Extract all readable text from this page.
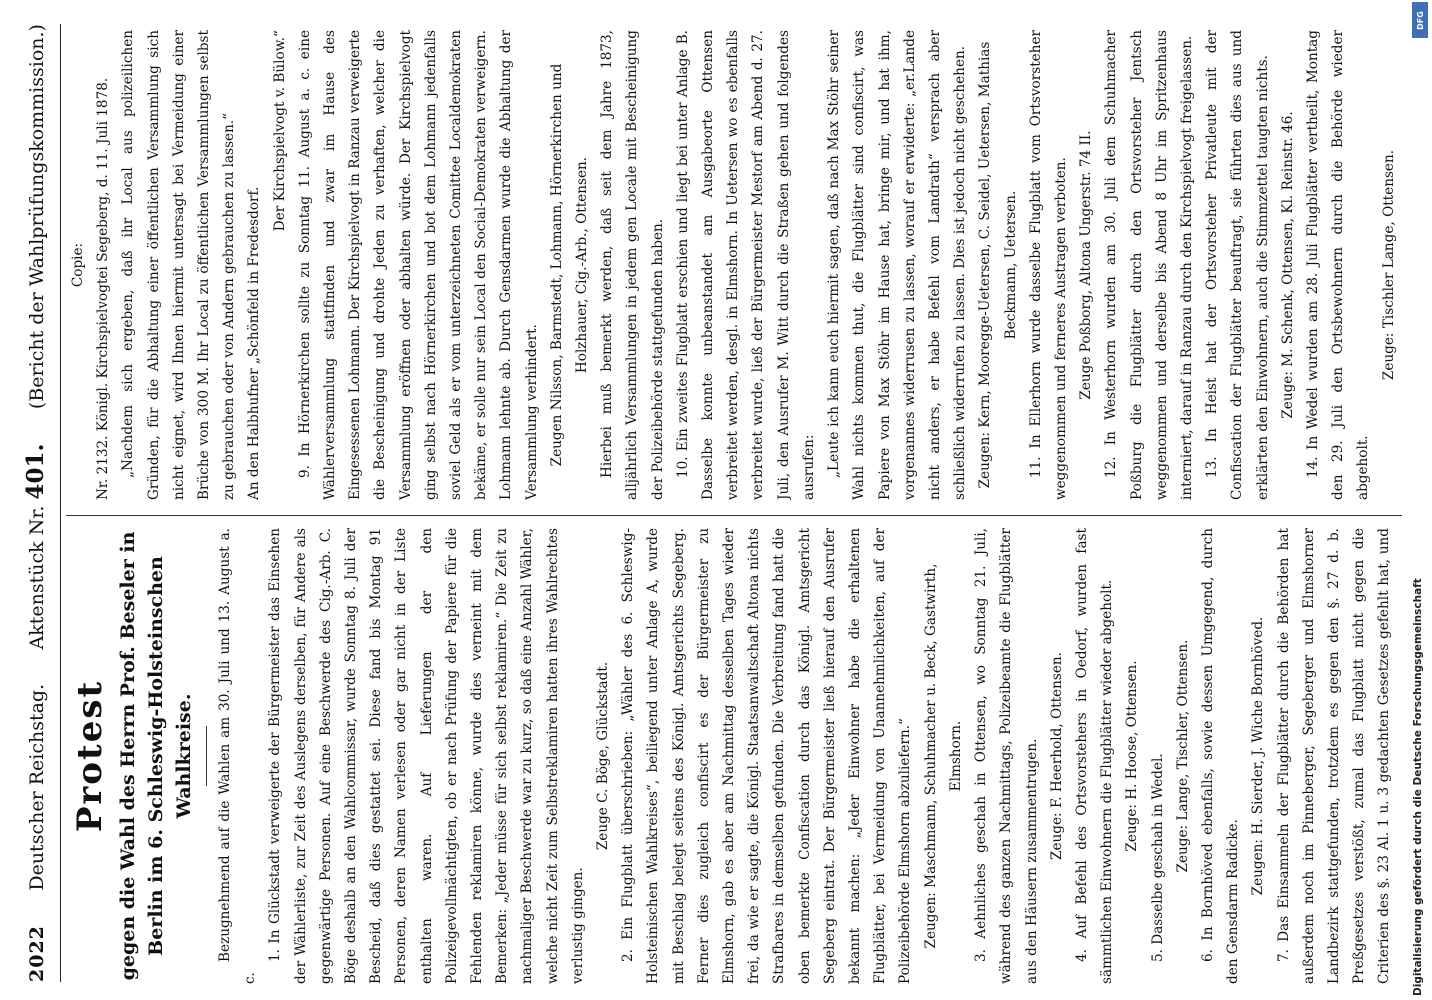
2022
Deutscher Reichstag.
Aktenstück Nr. 401.
(Bericht der Wahlprüfungskommission.)
Protest gegen die Wahl des Herrn Prof. Beseler in Berlin im 6. Schleswig-Holsteinschen Wahlkreise. Bezugnehmend auf die Wahlen am 30. Juli und 13. August a. c.

1. In Glückstadt verweigerte der Bürgermeister das Einsehen der Wählerliste, zur Zeit des Auslegens derselben, für Andere als gegenwärtige Personen. Auf eine Beschwerde des Cig.-Arb. C. Böge deshalb an den Wahlcommissar, wurde Sonntag 8. Juli der Bescheid, daß dies gestattet sei. Diese fand bis Montag 91 Personen, deren Namen verlesen oder gar nicht in der Liste enthalten waren. Auf Lieferungen der den Polizeigevollmächtigten, ob er nach Prüfung der Papiere für die Fehlenden reklamiren könne, wurde dies verneint mit dem Bemerken: „Jeder müsse für sich selbst reklamiren.“ Die Zeit zu nachmaliger Beschwerde war zu kurz, so daß eine Anzahl Wähler, welche nicht Zeit zum Selbstreklamiren hatten ihres Wahlrechtes verlustig gingen.

Zeuge C. Böge, Glückstadt. 2. Ein Flugblatt überschrieben: „Wähler des 6. Schleswig-Holsteinischen Wahlkreises“, beiliegend unter Anlage A, wurde mit Beschlag belegt seitens des Königl. Amtsgerichts Segeberg. Ferner dies zugleich confiscirt es der Bürgermeister zu Elmshorn, gab es aber am Nachmittag desselben Tages wieder frei, da wie er sagte, die Königl. Staatsanwaltschaft Altona nichts Strafbares in demselben gefunden. Die Verbreitung fand hatt die oben bemerkte Confiscation durch das Königl. Amtsgericht Segeberg eintrat. Der Bürgermeister ließ hierauf den Ausrufer bekannt machen: „Jeder Einwohner habe die erhaltenen Flugblätter, bei Vermeidung von Unannehmlichkeiten, auf der Polizeibehörde Elmshorn abzuliefern.“ Zeugen: Maschmann, Schuhmacher u. Beck, Gastwirth, Elmshorn. 3. Aehnliches geschah in Ottensen, wo Sonntag 21. Juli, während des ganzen Nachmittags, Polizeibeamte die Flugblätter aus den Häusern zusammentrugen. Zeuge: F. Heerhold, Ottensen. 4. Auf Befehl des Ortsvorstehers in Oedorf, wurden fast sämmtlichen Einwohnern die Flugblätter wieder abgeholt. Zeuge: H. Hoose, Ottensen. 5. Dasselbe geschah in Wedel. Zeuge: Lange, Tischler, Ottensen. 6. In Bornhöved ebenfalls, sowie dessen Umgegend, durch den Gensdarm Radicke.

Zeugen: H. Sierder, J. Wiche Bornhöved.

7. Das Einsammeln der Flugblätter durch die Behörden hat außerdem noch im Pinneberger, Segeberger und Elmshorner Landbezirk stattgefunden, trotzdem es gegen den §. 27 d. b. Preßgesetzes verstößt, zumal das Flugblatt nicht gegen die Criterien des §. 23 Al. 1 u. 3 gedachten Gesetzes gefehlt hat, und

Copie: Nr. 2132. Königl. Kirchspielvogtei Segeberg, d. 11. Juli 1878. „Nachdem sich ergeben, daß ihr Local aus polizeilichen Gründen, für die Abhaltung einer öffentlichen Versammlung sich nicht eignet, wird Ihnen hiermit untersagt bei Vermeidung einer Brüche von 300 M. Ihr Local zu öffentlichen Versammlungen selbst zu gebrauchen oder von Andern gebrauchen zu lassen.“ An den Halbhufner „Schönfeld in Fredesdorf.

Der Kirchspielvogt v. Bülow.“ 9. In Hörnerkirchen sollte zu Sonntag 11. August a. c. eine Wählerversammlung stattfinden und zwar im Hause des Eingesessenen Lohmann. Der Kirchspielvogt in Ranzau verweigerte die Bescheinigung und drohte Jeden zu verhaften, welcher die Versammlung eröffnen oder abhalten würde. Der Kirchspielvogt ging selbst nach Hörnerkirchen und bot dem Lohmann jedenfalls soviel Geld als er vom unterzeichneten Comittee Localdemokraten bekäme, er solle nur sein Local den Social-Demokraten verweigern. Lohmann lehnte ab. Durch Gensdarmen wurde die Abhaltung der Versammlung verhindert. Zeugen Nilsson, Barmstedt, Lohmann, Hörnerkirchen und Holzhauer, Cig.-Arb., Ottensen. Hierbei muß bemerkt werden, daß seit dem Jahre 1873, alljährlich Versammlungen in jedem gen Locale mit Bescheinigung der Polizeibehörde stattgefunden haben. 10. Ein zweites Flugblatt erschien und liegt bei unter Anlage B. Dasselbe konnte unbeanstandet am Ausgabeorte Ottensen verbreitet werden, desgl. in Elmshorn. In Uetersen wo es ebenfalls verbreitet wurde, ließ der Bürgermeister Mestorf am Abend d. 27. Juli, den Ausrufer M. Witt durch die Straßen gehen und folgendes ausrufen: „Leute ich kann euch hiermit sagen, daß nach Max Stöhr seiner Wahl nichts kommen thut, die Flugblätter sind confiscirt, was Papiere von Max Stöhr im Hause hat, bringe mir, und hat ihm, vorgenannes widerrusen zu lassen, worauf er erwiderte: „er.Lande nicht anders, er habe Befehl vom Landrath“ versprach aber schließlich widerrufen zu lassen. Dies ist jedoch nicht geschehen. Zeugen: Kern, Mooregge-Uetersen, C. Seidel, Uetersen, Mathias Beckmann, Uetersen. 11. In Ellerhorn wurde dasselbe Flugblatt vom Ortsvorsteher weggenommen und ferneres Austragen verboten. Zeuge Poßborg, Altona Ungerstr. 74 II. 12. In Westerhorn wurden am 30. Juli dem Schuhmacher Poßburg die Flugblätter durch den Ortsvorsteher Jentsch weggenommen und derselbe bis Abend 8 Uhr im Spritzenhaus interniert, darauf in Ranzau durch den Kirchspielvogt freigelassen. 13. In Heist hat der Ortsvorsteher Privatleute mit der Confiscation der Flugblätter beauftragt, sie führten dies aus und erklärten den Einwohnern, auch die Stimmzettel taugten nichts. Zeuge: M. Schenk, Ottensen, Kl. Reinstr. 46. 14. In Wedel wurden am 28. Juli Flugblätter vertheilt, Montag den 29. Juli den Ortsbewohnern durch die Behörde wieder abgeholt.

Zeuge: Tischler Lange, Ottensen.

DFG
Digitalisierung gefördert durch die Deutsche Forschungsgemeinschaft
